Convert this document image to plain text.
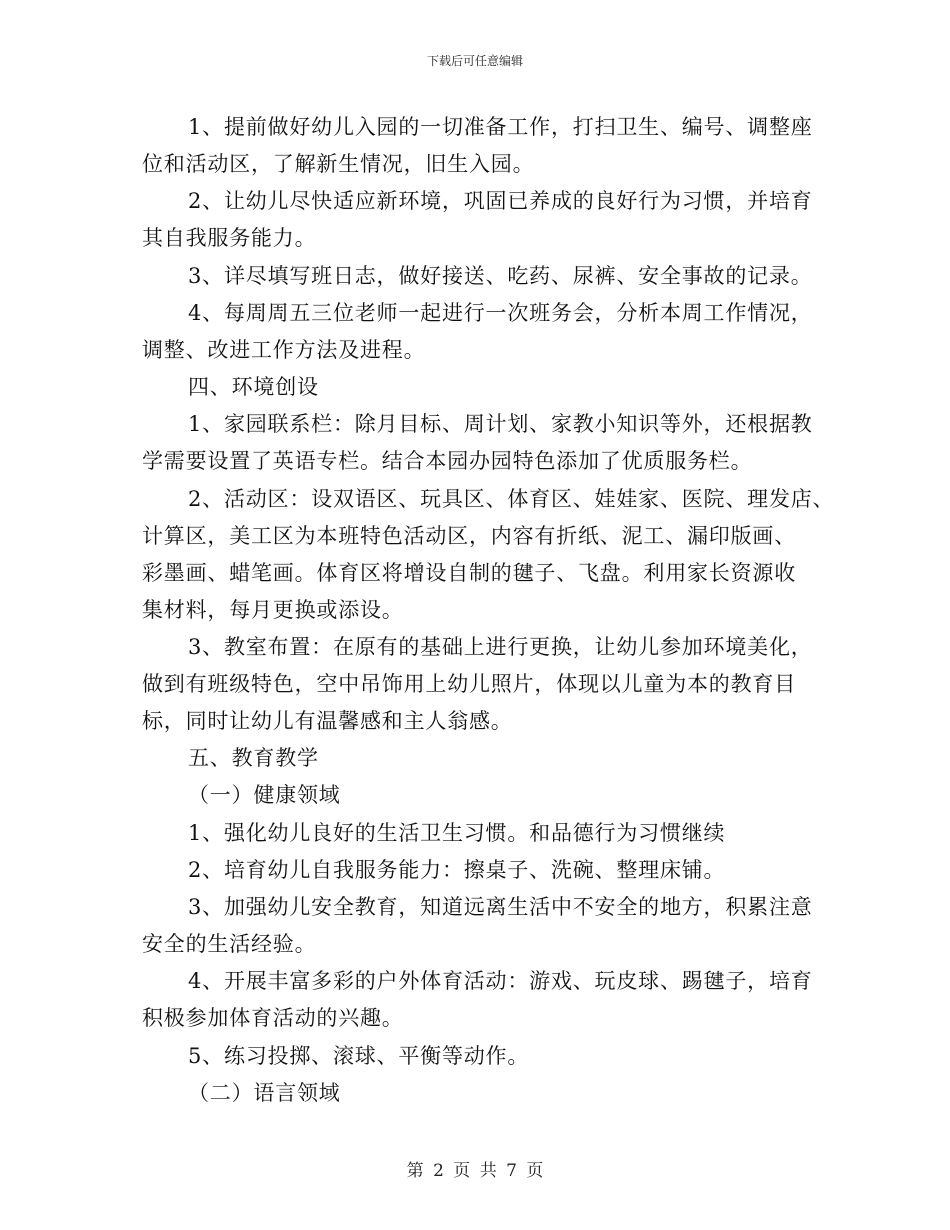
下载后可任意编辑
1、提前做好幼儿入园的一切准备工作，打扫卫生、编号、调整座
位和活动区，了解新生情况，旧生入园。
2、让幼儿尽快适应新环境，巩固已养成的良好行为习惯，并培育
其自我服务能力。
3、详尽填写班日志，做好接送、吃药、尿裤、安全事故的记录。
4、每周周五三位老师一起进行一次班务会，分析本周工作情况，
调整、改进工作方法及进程。
四、环境创设
1、家园联系栏：除月目标、周计划、家教小知识等外，还根据教
学需要设置了英语专栏。结合本园办园特色添加了优质服务栏。
2、活动区：设双语区、玩具区、体育区、娃娃家、医院、理发店、
计算区，美工区为本班特色活动区，内容有折纸、泥工、漏印版画、
彩墨画、蜡笔画。体育区将增设自制的毽子、飞盘。利用家长资源收
集材料，每月更换或添设。
3、教室布置：在原有的基础上进行更换，让幼儿参加环境美化，
做到有班级特色，空中吊饰用上幼儿照片，体现以儿童为本的教育目
标，同时让幼儿有温馨感和主人翁感。
五、教育教学
（一）健康领域
1、强化幼儿良好的生活卫生习惯。和品德行为习惯继续
2、培育幼儿自我服务能力：擦桌子、洗碗、整理床铺。
3、加强幼儿安全教育，知道远离生活中不安全的地方，积累注意
安全的生活经验。
4、开展丰富多彩的户外体育活动：游戏、玩皮球、踢毽子，培育
积极参加体育活动的兴趣。
5、练习投掷、滚球、平衡等动作。
（二）语言领域
第 2 页 共 7 页
